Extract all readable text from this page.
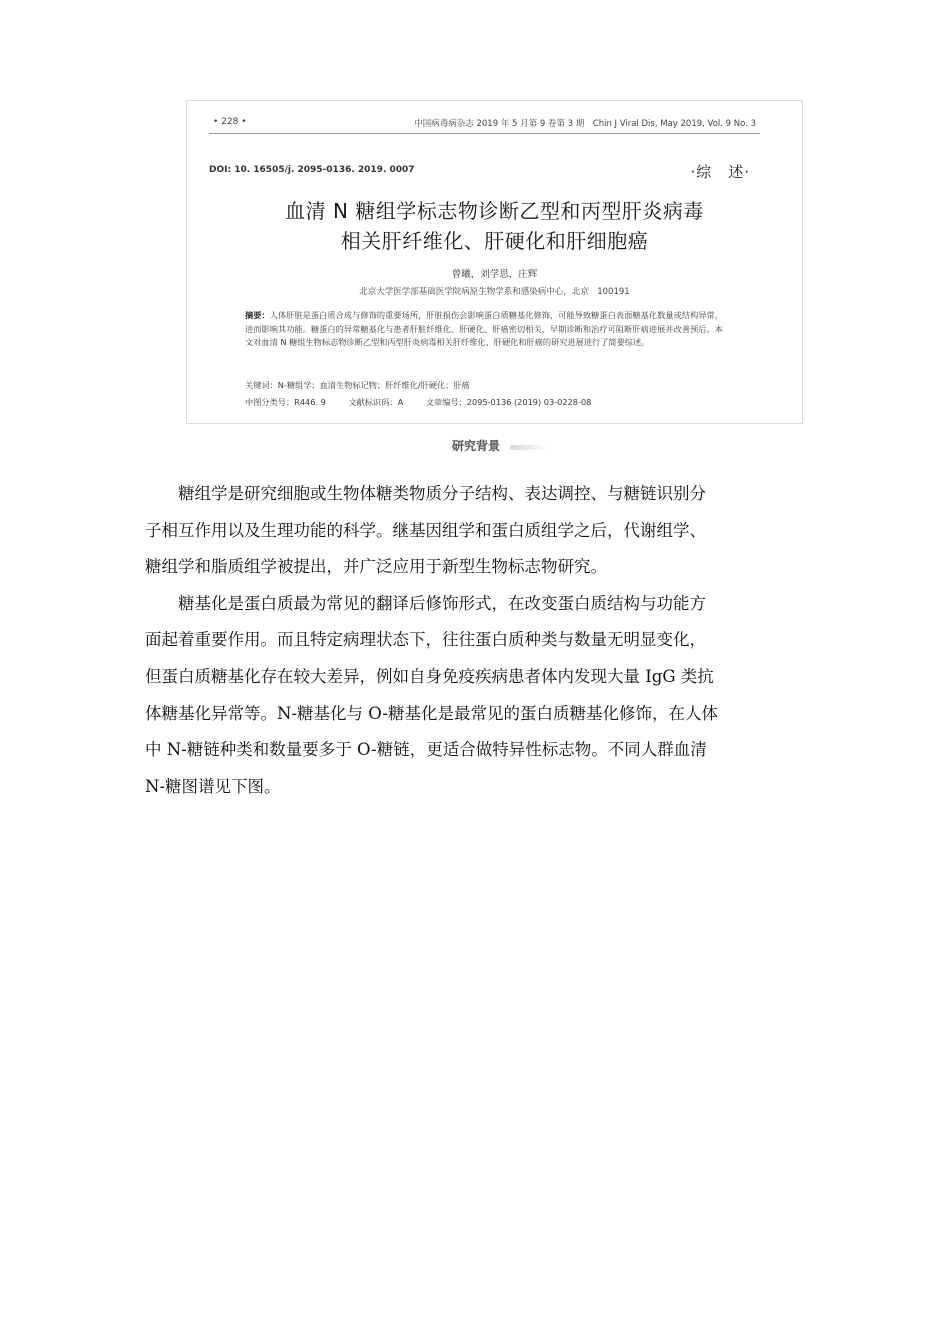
• 228 •	中国病毒病杂志 2019 年 5 月第 9 卷第 3 期　Chin J Viral Dis, May 2019, Vol. 9 No. 3
DOI: 10. 16505/j. 2095-0136. 2019. 0007	·综　述·
血清 N 糖组学标志物诊断乙型和丙型肝炎病毒
相关肝纤维化、肝硬化和肝细胞癌
曾曦，刘学思，庄辉
北京大学医学部基础医学院病原生物学系和感染病中心，北京　100191
摘要：人体肝脏是蛋白质合成与修饰的重要场所，肝脏损伤会影响蛋白质糖基化修饰，可能导致糖蛋白表面糖基化数量或结构异常，进而影响其功能。糖蛋白的异常糖基化与患者肝脏纤维化、肝硬化、肝癌密切相关，早期诊断和治疗可阻断肝病进展并改善预后。本文对血清 N 糖组生物标志物诊断乙型和丙型肝炎病毒相关肝纤维化、肝硬化和肝癌的研究进展进行了简要综述。
关键词：N-糖组学；血清生物标记物；肝纤维化/肝硬化；肝癌
中图分类号：R446. 9	文献标识码：A	文章编号：2095-0136 (2019) 03-0228-08
研究背景
糖组学是研究细胞或生物体糖类物质分子结构、表达调控、与糖链识别分
子相互作用以及生理功能的科学。继基因组学和蛋白质组学之后，代谢组学、
糖组学和脂质组学被提出，并广泛应用于新型生物标志物研究。
糖基化是蛋白质最为常见的翻译后修饰形式，在改变蛋白质结构与功能方
面起着重要作用。而且特定病理状态下，往往蛋白质种类与数量无明显变化，
但蛋白质糖基化存在较大差异，例如自身免疫疾病患者体内发现大量 IgG 类抗
体糖基化异常等。N-糖基化与 O-糖基化是最常见的蛋白质糖基化修饰，在人体
中 N-糖链种类和数量要多于 O-糖链，更适合做特异性标志物。不同人群血清
N-糖图谱见下图。
